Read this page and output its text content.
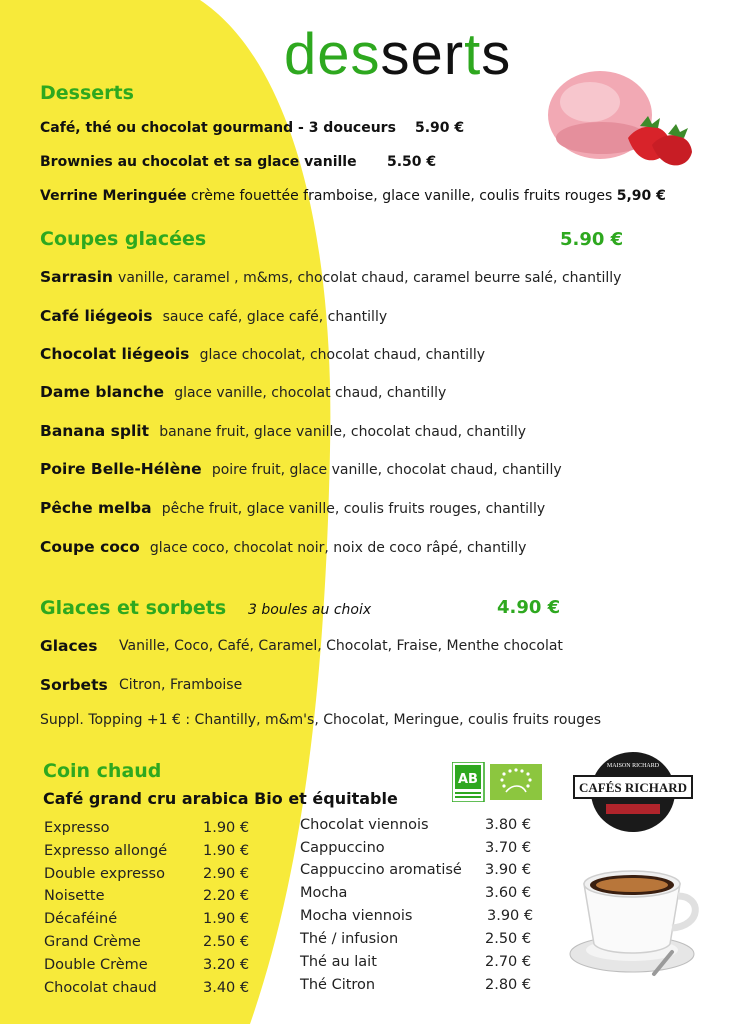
desserts
Desserts
Café, thé ou chocolat gourmand - 3 douceurs 5.90 €
Brownies au chocolat et sa glace vanille 5.50 €
Verrine Meringuée crème fouettée framboise, glace vanille, coulis fruits rouges 5,90 €
Coupes glacées	5.90 €
Sarrasin vanille, caramel , m&ms, chocolat chaud, caramel beurre salé, chantilly
Café liégeois sauce café, glace café, chantilly
Chocolat liégeois glace chocolat, chocolat chaud, chantilly
Dame blanche glace vanille, chocolat chaud, chantilly
Banana split banane fruit, glace vanille, chocolat chaud, chantilly
Poire Belle-Hélène poire fruit, glace vanille, chocolat chaud, chantilly
Pêche melba pêche fruit, glace vanille, coulis fruits rouges, chantilly
Coupe coco glace coco, chocolat noir, noix de coco râpé, chantilly
Glaces et sorbets 3 boules au choix	4.90 €
Glaces Vanille, Coco, Café, Caramel, Chocolat, Fraise, Menthe chocolat
Sorbets Citron, Framboise
Suppl. Topping +1 € : Chantilly, m&m's, Chocolat, Meringue, coulis fruits rouges
Coin chaud
Café grand cru arabica Bio et équitable
AB
CAFÉS RICHARD
MAISON RICHARD
Expresso	1.90 €
Expresso allongé 1.90 €
Double expresso	2.90 €
Noisette	2.20 €
Décaféiné	1.90 €
Grand Crème	2.50 €
Double Crème	3.20 €
Chocolat chaud	3.40 €
Chocolat viennois	3.80 €
Cappuccino	3.70 €
Cappuccino aromatisé 3.90 €
Mocha	3.60 €
Mocha viennois	3.90 €
Thé / infusion	2.50 €
Thé au lait	2.70 €
Thé Citron	2.80 €
